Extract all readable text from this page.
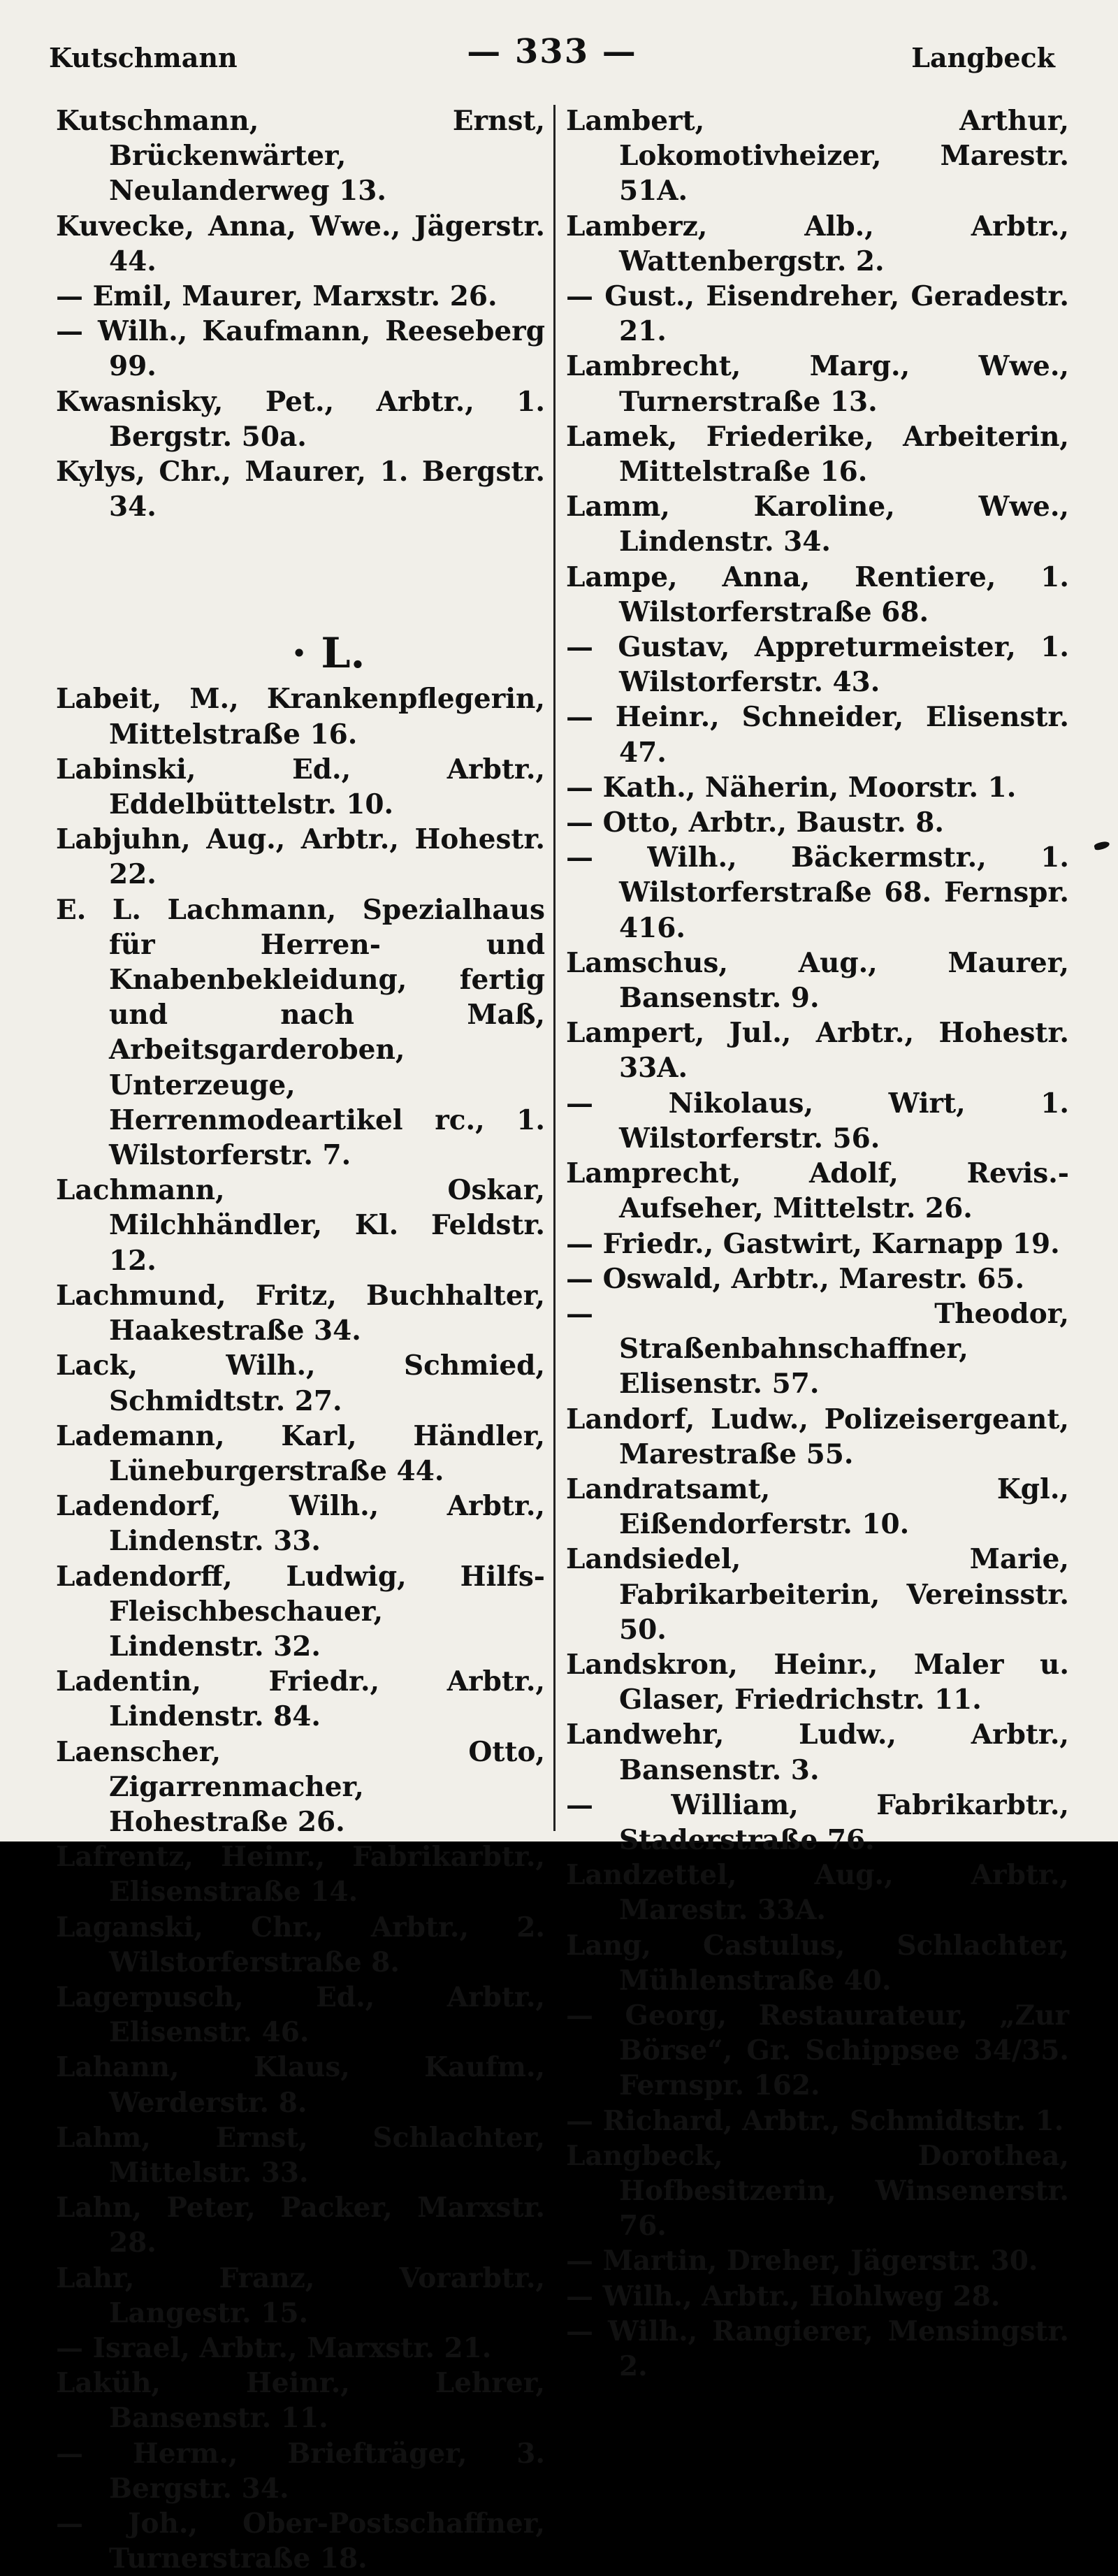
Kutschmann	— 333 —	Langbeck
Kutschmann, Ernst, Brückenwärter, Neulanderweg 13.
Kuvecke, Anna, Wwe., Jägerstr. 44.
— Emil, Maurer, Marxstr. 26.
— Wilh., Kaufmann, Reeseberg 99.
Kwasnisky, Pet., Arbtr., 1. Bergstr. 50a.
Kylys, Chr., Maurer, 1. Bergstr. 34.
· L.
Labeit, M., Krankenpflegerin, Mittelstraße 16.
Labinski, Ed., Arbtr., Eddelbüttelstr. 10.
Labjuhn, Aug., Arbtr., Hohestr. 22.
E. L. Lachmann, Spezialhaus für Herren- und Knabenbekleidung, fertig und nach Maß, Arbeitsgarderoben, Unterzeuge, Herrenmodeartikel rc., 1. Wilstorferstr. 7.
Lachmann, Oskar, Milchhändler, Kl. Feldstr. 12.
Lachmund, Fritz, Buchhalter, Haakestraße 34.
Lack, Wilh., Schmied, Schmidtstr. 27.
Lademann, Karl, Händler, Lüneburgerstraße 44.
Ladendorf, Wilh., Arbtr., Lindenstr. 33.
Ladendorff, Ludwig, Hilfs-Fleischbeschauer, Lindenstr. 32.
Ladentin, Friedr., Arbtr., Lindenstr. 84.
Laenscher, Otto, Zigarrenmacher, Hohestraße 26.
Lafrentz, Heinr., Fabrikarbtr., Elisenstraße 14.
Laganski, Chr., Arbtr., 2. Wilstorferstraße 8.
Lagerpusch, Ed., Arbtr., Elisenstr. 46.
Lahann, Klaus, Kaufm., Werderstr. 8.
Lahm, Ernst, Schlachter, Mittelstr. 33.
Lahn, Peter, Packer, Marxstr. 28.
Lahr, Franz, Vorarbtr., Langestr. 15.
— Israel, Arbtr., Marxstr. 21.
Laküh, Heinr., Lehrer, Bansenstr. 11.
— Herm., Briefträger, 3. Bergstr. 34.
— Joh., Ober-Postschaffner, Turnerstraße 18.
Lambert, Arthur, Lokomotivheizer, Marestr. 51A.
Lamberz, Alb., Arbtr., Wattenbergstr. 2.
— Gust., Eisendreher, Geradestr. 21.
Lambrecht, Marg., Wwe., Turnerstraße 13.
Lamek, Friederike, Arbeiterin, Mittelstraße 16.
Lamm, Karoline, Wwe., Lindenstr. 34.
Lampe, Anna, Rentiere, 1. Wilstorferstraße 68.
— Gustav, Appreturmeister, 1. Wilstorferstr. 43.
— Heinr., Schneider, Elisenstr. 47.
— Kath., Näherin, Moorstr. 1.
— Otto, Arbtr., Baustr. 8.
— Wilh., Bäckermstr., 1. Wilstorferstraße 68. Fernspr. 416.
Lamschus, Aug., Maurer, Bansenstr. 9.
Lampert, Jul., Arbtr., Hohestr. 33A.
— Nikolaus, Wirt, 1. Wilstorferstr. 56.
Lamprecht, Adolf, Revis.-Aufseher, Mittelstr. 26.
— Friedr., Gastwirt, Karnapp 19.
— Oswald, Arbtr., Marestr. 65.
— Theodor, Straßenbahnschaffner, Elisenstr. 57.
Landorf, Ludw., Polizeisergeant, Marestraße 55.
Landratsamt, Kgl., Eißendorferstr. 10.
Landsiedel, Marie, Fabrikarbeiterin, Vereinsstr. 50.
Landskron, Heinr., Maler u. Glaser, Friedrichstr. 11.
Landwehr, Ludw., Arbtr., Bansenstr. 3.
— William, Fabrikarbtr., Staderstraße 76.
Landzettel, Aug., Arbtr., Marestr. 33A.
Lang, Castulus, Schlachter, Mühlenstraße 40.
— Georg, Restaurateur, „Zur Börse“, Gr. Schippsee 34/35. Fernspr. 162.
— Richard, Arbtr., Schmidtstr. 1.
Langbeck, Dorothea, Hofbesitzerin, Winsenerstr. 76.
— Martin, Dreher, Jägerstr. 30.
— Wilh., Arbtr., Hohlweg 28.
— Wilh., Rangierer, Mensingstr. 2.
